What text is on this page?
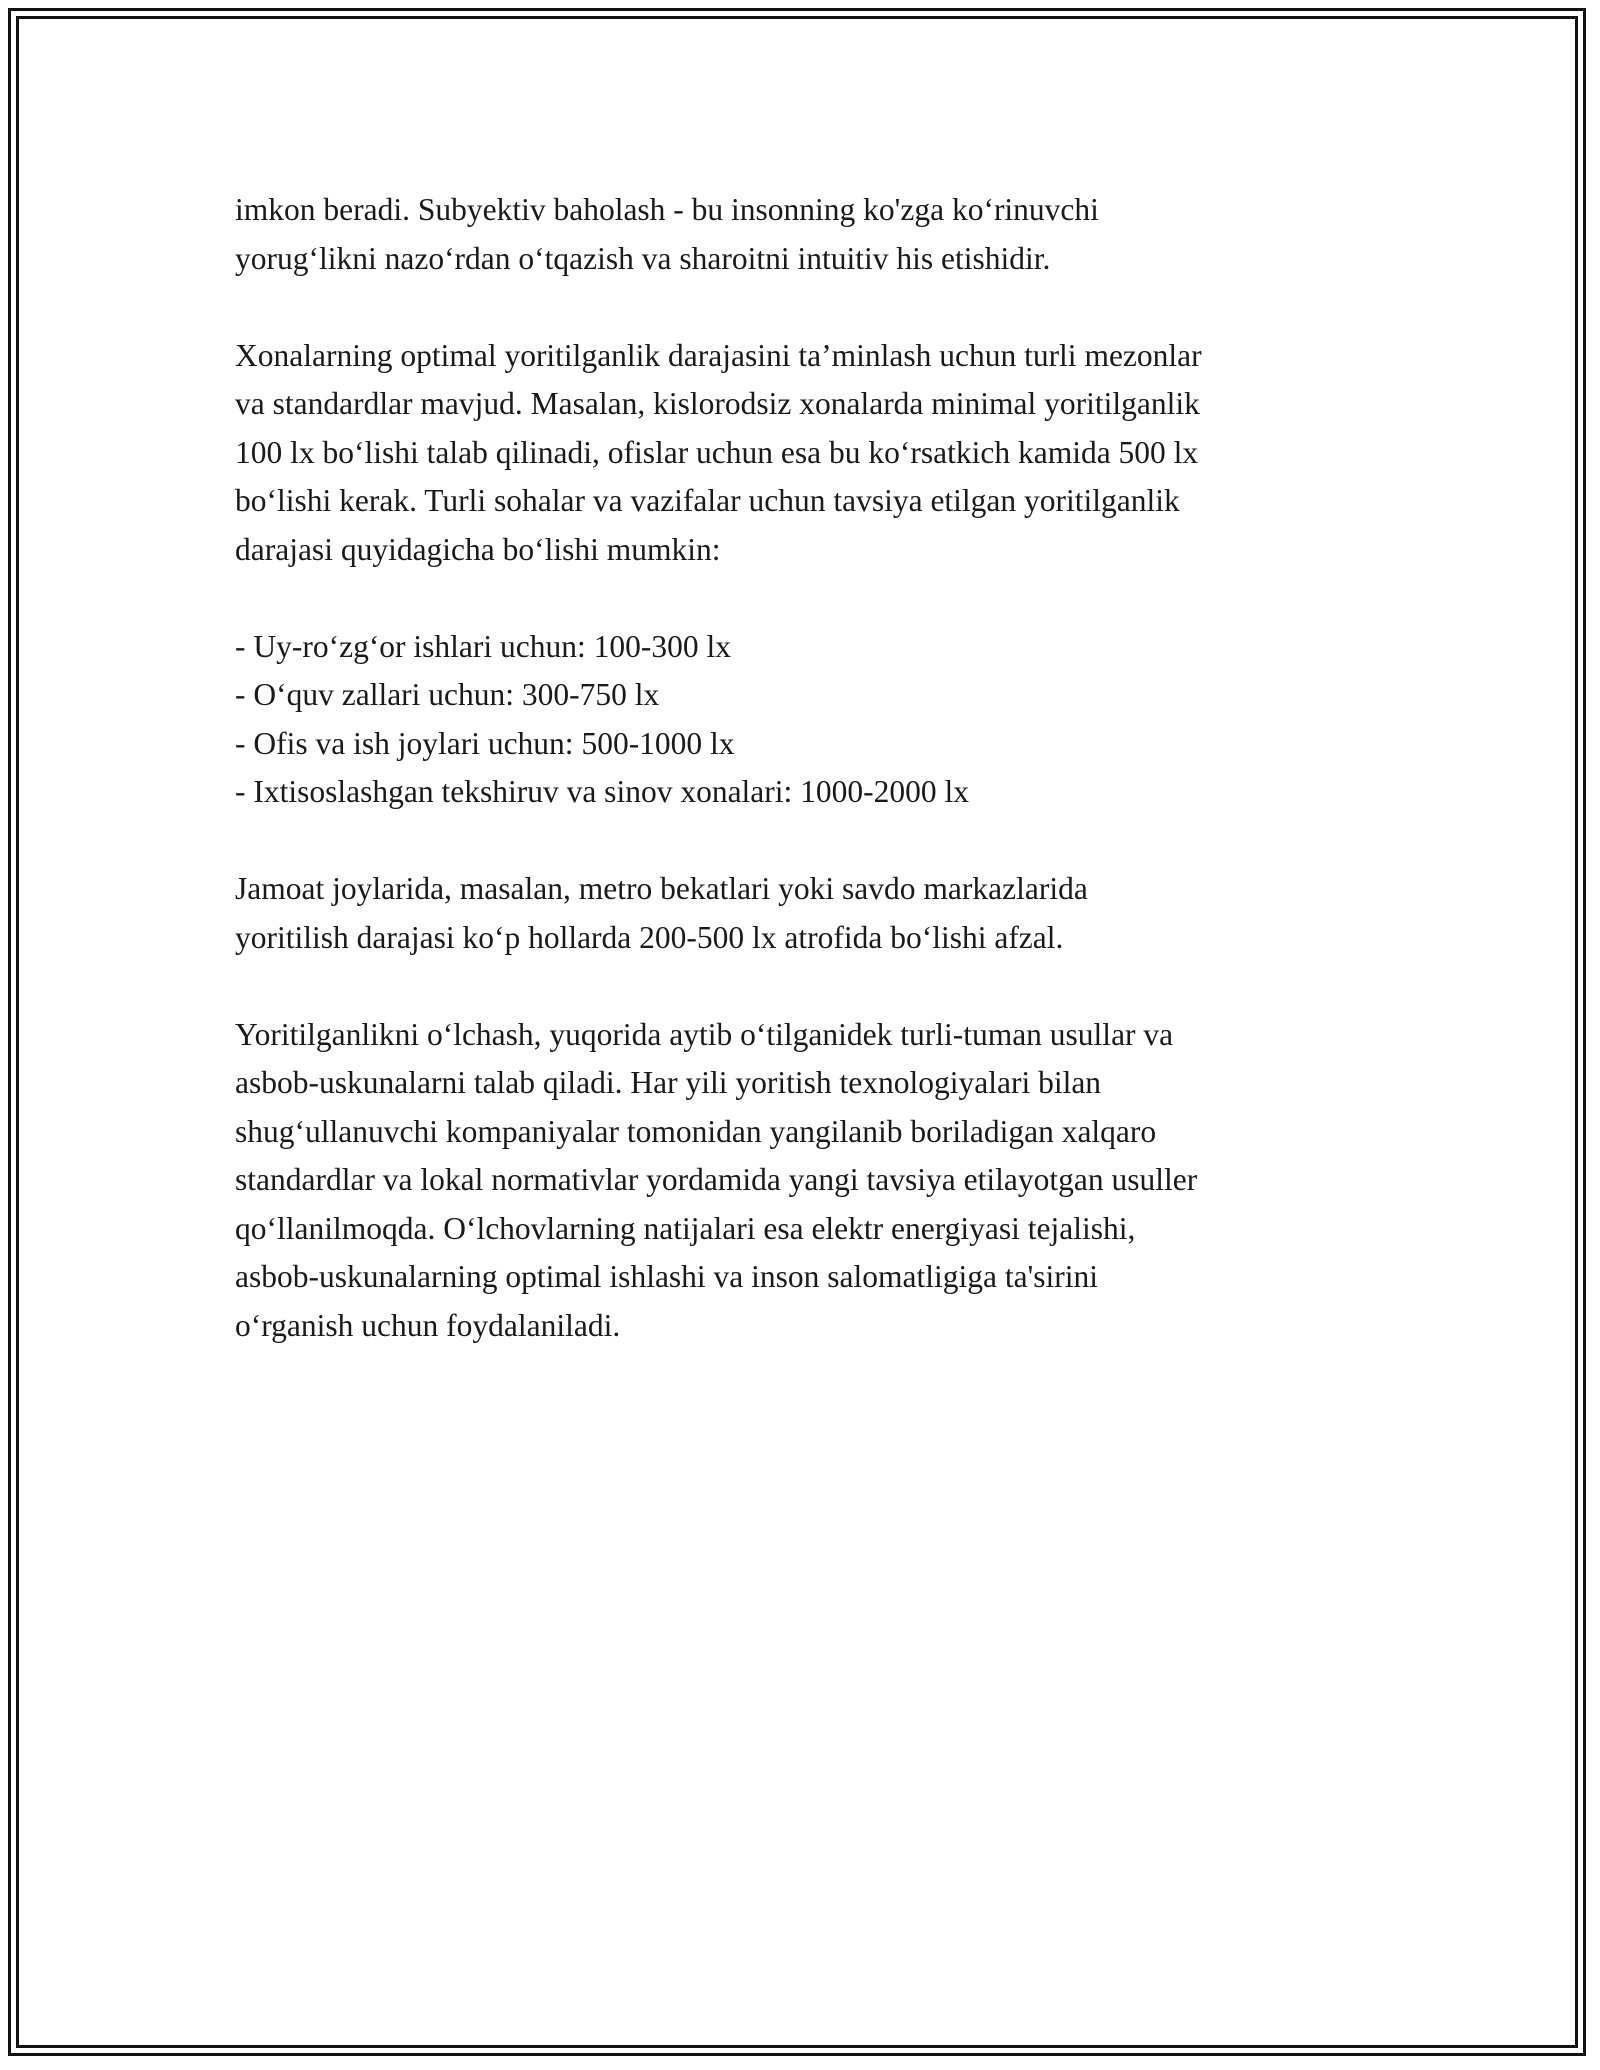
imkon beradi. Subyektiv baholash - bu insonning ko'zga ko‘rinuvchi
yorug‘likni nazo‘rdan o‘tqazish va sharoitni intuitiv his etishidir.

Xonalarning optimal yoritilganlik darajasini ta’minlash uchun turli mezonlar
va standardlar mavjud. Masalan, kislorodsiz xonalarda minimal yoritilganlik
100 lx bo‘lishi talab qilinadi, ofislar uchun esa bu ko‘rsatkich kamida 500 lx
bo‘lishi kerak. Turli sohalar va vazifalar uchun tavsiya etilgan yoritilganlik
darajasi quyidagicha bo‘lishi mumkin:

- Uy-ro‘zg‘or ishlari uchun: 100-300 lx
- O‘quv zallari uchun: 300-750 lx
- Ofis va ish joylari uchun: 500-1000 lx
- Ixtisoslashgan tekshiruv va sinov xonalari: 1000-2000 lx

Jamoat joylarida, masalan, metro bekatlari yoki savdo markazlarida
yoritilish darajasi ko‘p hollarda 200-500 lx atrofida bo‘lishi afzal.

Yoritilganlikni o‘lchash, yuqorida aytib o‘tilganidek turli-tuman usullar va
asbob-uskunalarni talab qiladi. Har yili yoritish texnologiyalari bilan
shug‘ullanuvchi kompaniyalar tomonidan yangilanib boriladigan xalqaro
standardlar va lokal normativlar yordamida yangi tavsiya etilayotgan usuller
qo‘llanilmoqda. O‘lchovlarning natijalari esa elektr energiyasi tejalishi,
asbob-uskunalarning optimal ishlashi va inson salomatligiga ta'sirini
o‘rganish uchun foydalaniladi.
